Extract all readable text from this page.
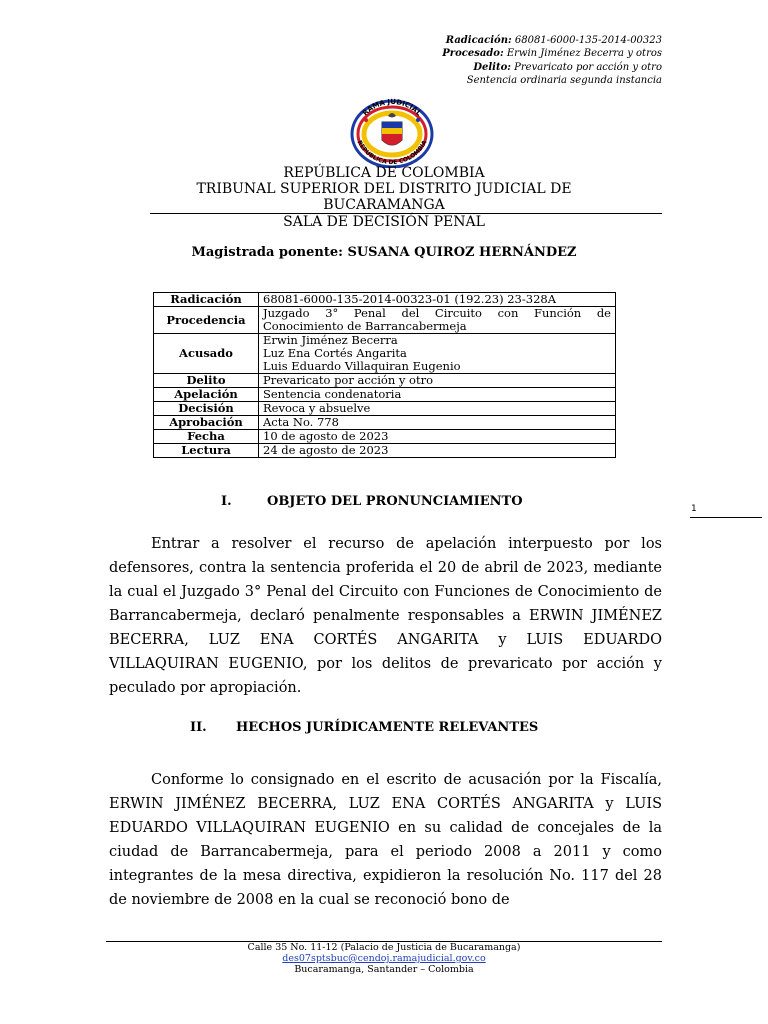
Radicación: 68081-6000-135-2014-00323
Procesado: Erwin Jiménez Becerra y otros
Delito: Prevaricato por acción y otro
Sentencia ordinaria segunda instancia
RAMA JUDICIAL
REPUBLICA DE COLOMBIA
REPÚBLICA DE COLOMBIA
TRIBUNAL SUPERIOR DEL DISTRITO JUDICIAL DE
BUCARAMANGA
SALA DE DECISIÓN PENAL
Magistrada ponente: SUSANA QUIROZ HERNÁNDEZ
Radicación	68081-6000-135-2014-00323-01 (192.23) 23-328A
Procedencia	Juzgado 3° Penal del Circuito con Función de Conocimiento de Barrancabermeja
Acusado	Erwin Jiménez Becerra
Luz Ena Cortés Angarita
Luis Eduardo Villaquiran Eugenio

Delito	Prevaricato por acción y otro
Apelación	Sentencia condenatoria
Decisión	Revoca y absuelve
Aprobación	Acta No. 778
Fecha	10 de agosto de 2023
Lectura	24 de agosto de 2023
1
I.	OBJETO DEL PRONUNCIAMIENTO
Entrar a resolver el recurso de apelación interpuesto por los defensores, contra la sentencia proferida el 20 de abril de 2023, mediante la cual el Juzgado 3° Penal del Circuito con Funciones de Conocimiento de Barrancabermeja, declaró penalmente responsables a ERWIN JIMÉNEZ BECERRA, LUZ ENA CORTÉS ANGARITA y LUIS EDUARDO VILLAQUIRAN EUGENIO, por los delitos de prevaricato por acción y peculado por apropiación.
II. HECHOS JURÍDICAMENTE RELEVANTES
Conforme lo consignado en el escrito de acusación por la Fiscalía, ERWIN JIMÉNEZ BECERRA, LUZ ENA CORTÉS ANGARITA y LUIS EDUARDO VILLAQUIRAN EUGENIO en su calidad de concejales de la ciudad de Barrancabermeja, para el periodo 2008 a 2011 y como integrantes de la mesa directiva, expidieron la resolución No. 117 del 28 de noviembre de 2008 en la cual se reconoció bono de
Calle 35 No. 11-12 (Palacio de Justicia de Bucaramanga)
des07sptsbuc@cendoj.ramajudicial.gov.co
Bucaramanga, Santander – Colombia
